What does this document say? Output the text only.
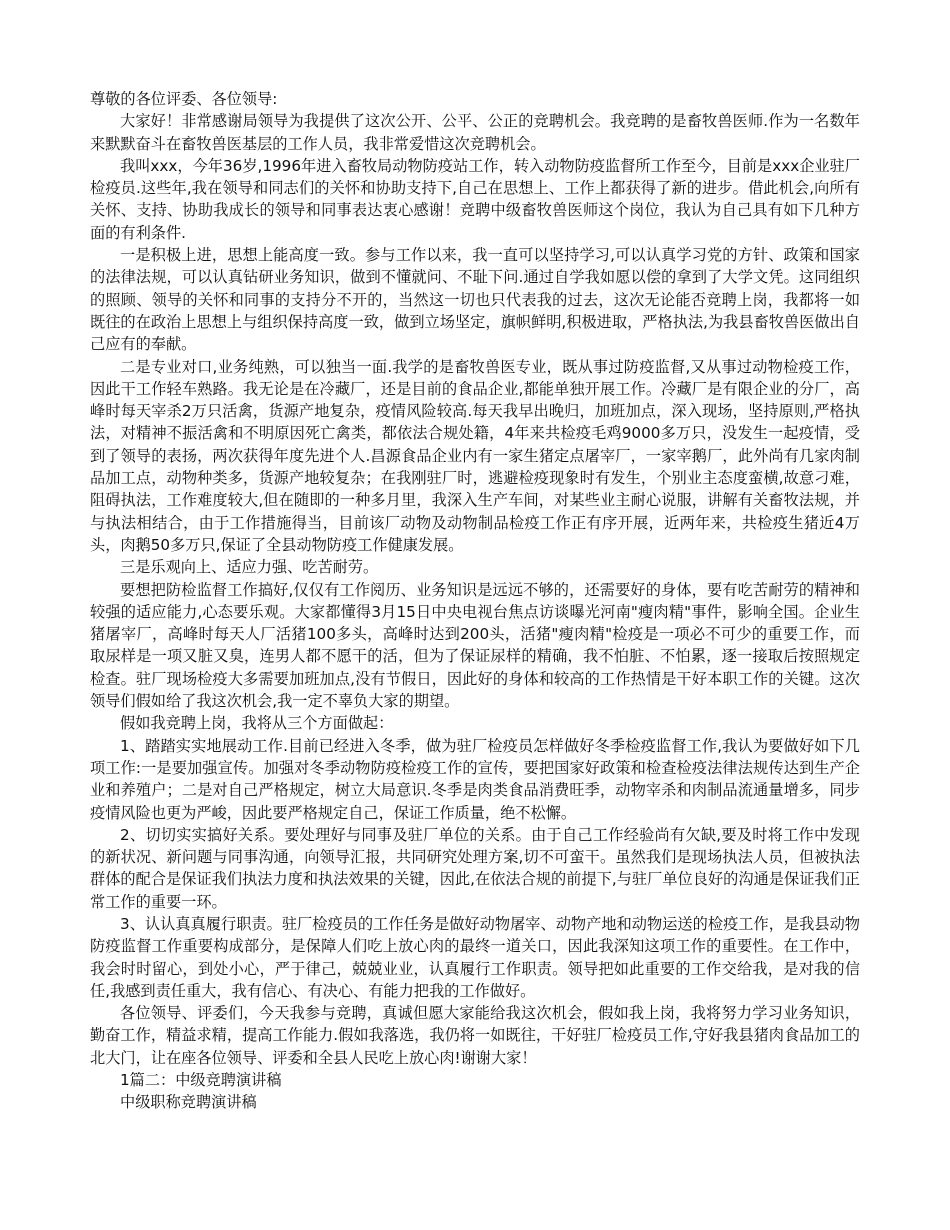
尊敬的各位评委、各位领导:

大家好！非常感谢局领导为我提供了这次公开、公平、公正的竞聘机会。我竞聘的是畜牧兽医师.作为一名数年来默默奋斗在畜牧兽医基层的工作人员，我非常爱惜这次竞聘机会。

我叫xxx，今年36岁,1996年进入畜牧局动物防疫站工作，转入动物防疫监督所工作至今，目前是xxx企业驻厂检疫员.这些年,我在领导和同志们的关怀和协助支持下,自己在思想上、工作上都获得了新的进步。借此机会,向所有关怀、支持、协助我成长的领导和同事表达衷心感谢！竞聘中级畜牧兽医师这个岗位，我认为自己具有如下几种方面的有利条件.

一是积极上进，思想上能高度一致。参与工作以来，我一直可以坚持学习,可以认真学习党的方针、政策和国家的法律法规，可以认真钻研业务知识，做到不懂就问、不耻下问.通过自学我如愿以偿的拿到了大学文凭。这同组织的照顾、领导的关怀和同事的支持分不开的，当然这一切也只代表我的过去，这次无论能否竞聘上岗，我都将一如既往的在政治上思想上与组织保持高度一致，做到立场坚定，旗帜鲜明,积极进取，严格执法,为我县畜牧兽医做出自己应有的奉献。

二是专业对口,业务纯熟，可以独当一面.我学的是畜牧兽医专业，既从事过防疫监督,又从事过动物检疫工作，因此干工作轻车熟路。我无论是在冷藏厂，还是目前的食品企业,都能单独开展工作。冷藏厂是有限企业的分厂，高峰时每天宰杀2万只活禽，货源产地复杂，疫情风险较高.每天我早出晚归，加班加点，深入现场，坚持原则,严格执法，对精神不振活禽和不明原因死亡禽类，都依法合规处籍，4年来共检疫毛鸡9000多万只，没发生一起疫情，受到了领导的表扬，两次获得年度先进个人.昌源食品企业内有一家生猪定点屠宰厂，一家宰鹅厂，此外尚有几家肉制品加工点，动物种类多，货源产地较复杂；在我刚驻厂时，逃避检疫现象时有发生，个别业主态度蛮横,故意刁难，阻碍执法，工作难度较大,但在随即的一种多月里，我深入生产车间，对某些业主耐心说服，讲解有关畜牧法规，并与执法相结合，由于工作措施得当，目前该厂动物及动物制品检疫工作正有序开展，近两年来，共检疫生猪近4万头，肉鹅50多万只,保证了全县动物防疫工作健康发展。

三是乐观向上、适应力强、吃苦耐劳。

要想把防检监督工作搞好,仅仅有工作阅历、业务知识是远远不够的，还需要好的身体，要有吃苦耐劳的精神和较强的适应能力,心态要乐观。大家都懂得3月15日中央电视台焦点访谈曝光河南"瘦肉精"事件，影响全国。企业生猪屠宰厂，高峰时每天人厂活猪100多头，高峰时达到200头，活猪"瘦肉精"检疫是一项必不可少的重要工作，而取尿样是一项又脏又臭，连男人都不愿干的活，但为了保证尿样的精确，我不怕脏、不怕累，逐一接取后按照规定检查。驻厂现场检疫大多需要加班加点,没有节假日，因此好的身体和较高的工作热情是干好本职工作的关键。这次领导们假如给了我这次机会,我一定不辜负大家的期望。

假如我竞聘上岗，我将从三个方面做起：

1、踏踏实实地展动工作.目前已经进入冬季，做为驻厂检疫员怎样做好冬季检疫监督工作,我认为要做好如下几项工作:一是要加强宣传。加强对冬季动物防疫检疫工作的宣传，要把国家好政策和检查检疫法律法规传达到生产企业和养殖户；二是对自己严格规定，树立大局意识.冬季是肉类食品消费旺季，动物宰杀和肉制品流通量增多，同步疫情风险也更为严峻，因此要严格规定自己，保证工作质量，绝不松懈。

2、切切实实搞好关系。要处理好与同事及驻厂单位的关系。由于自己工作经验尚有欠缺,要及时将工作中发现的新状况、新问题与同事沟通，向领导汇报，共同研究处理方案,切不可蛮干。虽然我们是现场执法人员，但被执法群体的配合是保证我们执法力度和执法效果的关键，因此,在依法合规的前提下,与驻厂单位良好的沟通是保证我们正常工作的重要一环。

3、认认真真履行职责。驻厂检疫员的工作任务是做好动物屠宰、动物产地和动物运送的检疫工作，是我县动物防疫监督工作重要构成部分，是保障人们吃上放心肉的最终一道关口，因此我深知这项工作的重要性。在工作中，我会时时留心，到处小心，严于律己，兢兢业业，认真履行工作职责。领导把如此重要的工作交给我，是对我的信任,我感到责任重大，我有信心、有决心、有能力把我的工作做好。

各位领导、评委们，今天我参与竞聘，真诚但愿大家能给我这次机会，假如我上岗，我将努力学习业务知识，勤奋工作，精益求精，提高工作能力.假如我落选，我仍将一如既往，干好驻厂检疫员工作,守好我县猪肉食品加工的北大门，让在座各位领导、评委和全县人民吃上放心肉!谢谢大家！

1篇二：中级竞聘演讲稿

中级职称竞聘演讲稿
